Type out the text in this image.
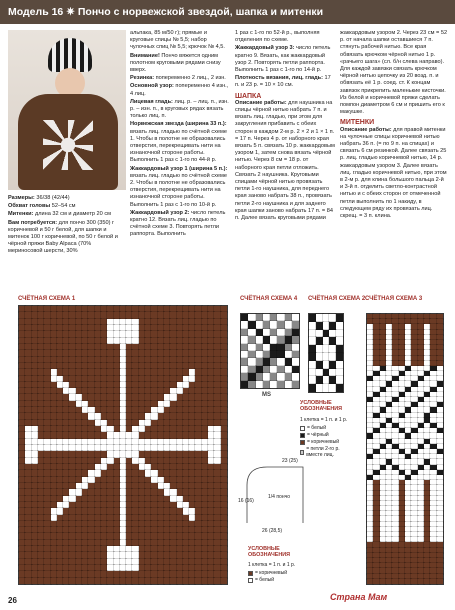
Модель 16 ✷ Пончо с норвежской звездой, шапка и митенки

Размеры: 36/38 (42/44)

Обхват головы 52–54 см

Митенки: длина 32 см и диаметр 20 см

Вам потребуется: для пончо 300 (350) г коричневой и 50 г белой, для шапки и митенок 100 г коричневой, по 50 г белой и чёрной пряжи Baby Alpaca (70% мериносовой шерсти, 30%

альпака, 85 м/50 г); прямые и круговые спицы № 5,5; набор чулочных спиц № 5,5; крючок № 4,5.

Внимание! Пончо вяжется одним полотном круговыми рядами снизу вверх.

Резинка: попеременно 2 лиц., 2 изн.

Основной узор: попеременно 4 изн., 4 лиц.

Лицевая гладь: лиц. р. – лиц. п., изн. р. – изн. п., в круговых рядах вязать только лиц. п.

Норвежская звезда (ширина 33 п.): вязать лиц. гладью по счётной схеме 1. Чтобы в полотне не образовались отверстия, перекрещивать нити на изнаночной стороне работы. Выполнить 1 раз с 1-го по 44-й р.

Жаккардовый узор 1 (ширина 5 п.): вязать лиц. гладью по счётной схеме 2. Чтобы в полотне не образовались отверстия, перекрещивать нити на изнаночной стороне работы. Выполнить 1 раз с 1-го по 10-й р.

Жаккардовый узор 2: число петель кратно 12. Вязать лиц. гладью по счётной схеме 3. Повторять петли раппорта. Выполнить

1 раз с 1-го по 52-й р., выполняя отделения по схеме.

Жаккардовый узор 3: число петель кратно 9. Вязать, как жаккардовый узор 2. Повторять петли раппорта. Выполнить 1 раз с 1-го по 14-й р.

Плотность вязания, лиц. гладь: 17 п. и 23 р. = 10 × 10 см.

ШАПКА

Описание работы: для наушника на спицы чёрной нитью набрать 7 п. и вязать лиц. гладью, при этом для закругления прибавить с обеих сторон в каждом 2-м р. 2 × 2 и 1 × 1 п. = 17 п. Через 4 р. от наборного края вязать 5 п. связать 10 р. жаккардовым узором 1, затем снова вязать чёрной нитью. Через 8 см = 18 р. от наборного края петли отложить. Связать 2 наушника. Круговыми спицами чёрной нитью провязать петли 1-го наушника, для переднего края заново набрать 38 п., провязать петли 2-го наушника и для заднего края шапки заново набрать 17 п. = 84 п. Далее вязать круговыми рядами

жаккардовым узором 2. Через 23 см = 52 р. от начала шапки оставшиеся 7 п. стянуть рабочей нитью. Все края обвязать крючком чёрной нитью 1 р. «рачьего шага» (сл. б/н слева направо). Для каждой завязки связать крючком чёрной нитью цепочку из 20 возд. п. и обвязать её 1 р. соед. ст. К концам завязок прикрепить маленькие кисточки. Из белой и коричневой пряжи сделать помпон диаметром 6 см и пришить его к макушке.

МИТЕНКИ

Описание работы: для правой митенки на чулочные спицы коричневой нитью набрать 36 п. (= по 9 п. на спицах) и связать 6 см резинкой. Далее связать 25 р. лиц. гладью коричневой нитью, 14 р. жаккардовым узором 3. Далее вязать лиц. гладью коричневой нитью, при этом в 2-м р. для клина большого пальца 2-й и 3-й п. отделить светло-контрастной нитью и с обеих сторон от отмеченной петли выполнить по 1 накиду, в следующем ряду их провязать лиц. скрещ. = 3 п. клина.

СЧЁТНАЯ СХЕМА 1	СЧЁТНАЯ СХЕМА 4
MS
СЧЁТНАЯ СХЕМА 2
УСЛОВНЫЕ ОБОЗНАЧЕНИЯ
1 клетка = 1 п. и 1 р.
= белый
= чёрный
= коричневый
= петли 2-го р. вместе лиц.
1/4 пончо
23 (25)
26 (28,5)
16 (16)
УСЛОВНЫЕ ОБОЗНАЧЕНИЯ
1 клетка = 1 п. и 1 р.
= коричневый
= белый
СЧЁТНАЯ СХЕМА 3
26	Страна Мам
